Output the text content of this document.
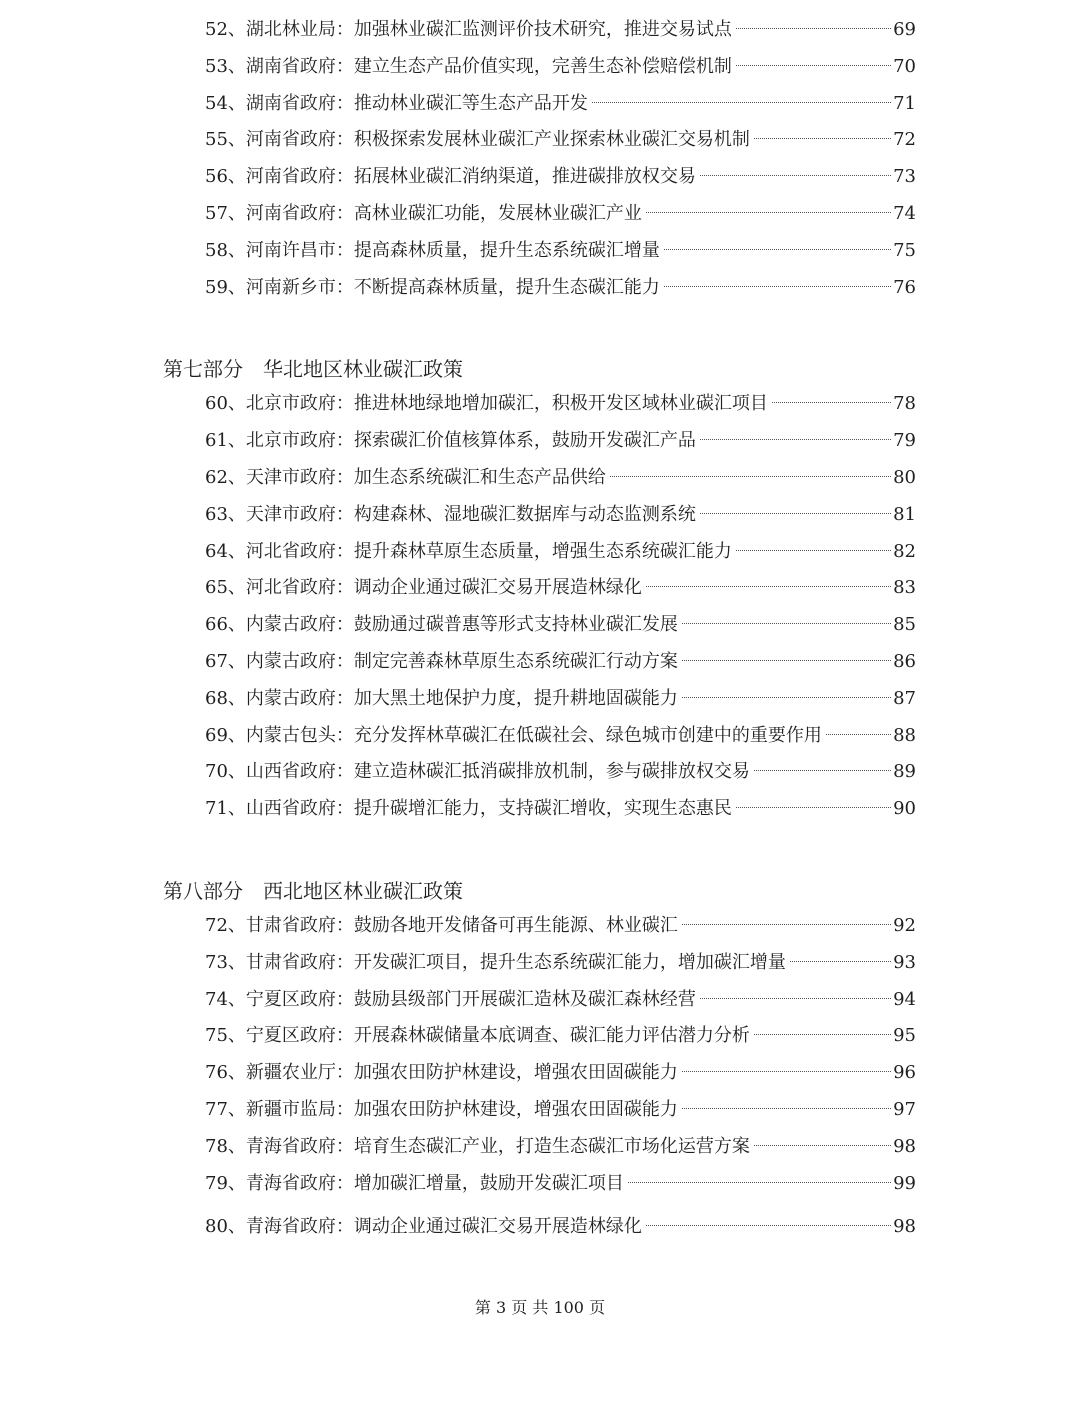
52、湖北林业局：加强林业碳汇监测评价技术研究，推进交易试点	69
53、湖南省政府：建立生态产品价值实现，完善生态补偿赔偿机制	70
54、湖南省政府：推动林业碳汇等生态产品开发	71
55、河南省政府：积极探索发展林业碳汇产业探索林业碳汇交易机制	72
56、河南省政府：拓展林业碳汇消纳渠道，推进碳排放权交易	73
57、河南省政府：高林业碳汇功能，发展林业碳汇产业	74
58、河南许昌市：提高森林质量，提升生态系统碳汇增量	75
59、河南新乡市：不断提高森林质量，提升生态碳汇能力	76
第七部分 华北地区林业碳汇政策
60、北京市政府：推进林地绿地增加碳汇，积极开发区域林业碳汇项目	78
61、北京市政府：探索碳汇价值核算体系，鼓励开发碳汇产品	79
62、天津市政府：加生态系统碳汇和生态产品供给	80
63、天津市政府：构建森林、湿地碳汇数据库与动态监测系统	81
64、河北省政府：提升森林草原生态质量，增强生态系统碳汇能力	82
65、河北省政府：调动企业通过碳汇交易开展造林绿化	83
66、内蒙古政府：鼓励通过碳普惠等形式支持林业碳汇发展	85
67、内蒙古政府：制定完善森林草原生态系统碳汇行动方案	86
68、内蒙古政府：加大黑土地保护力度，提升耕地固碳能力	87
69、内蒙古包头：充分发挥林草碳汇在低碳社会、绿色城市创建中的重要作用	88
70、山西省政府：建立造林碳汇抵消碳排放机制，参与碳排放权交易	89
71、山西省政府：提升碳增汇能力，支持碳汇增收，实现生态惠民	90
第八部分 西北地区林业碳汇政策
72、甘肃省政府：鼓励各地开发储备可再生能源、林业碳汇	92
73、甘肃省政府：开发碳汇项目，提升生态系统碳汇能力，增加碳汇增量	93
74、宁夏区政府：鼓励县级部门开展碳汇造林及碳汇森林经营	94
75、宁夏区政府：开展森林碳储量本底调查、碳汇能力评估潜力分析	95
76、新疆农业厅：加强农田防护林建设，增强农田固碳能力	96
77、新疆市监局：加强农田防护林建设，增强农田固碳能力	97
78、青海省政府：培育生态碳汇产业，打造生态碳汇市场化运营方案	98
79、青海省政府：增加碳汇增量，鼓励开发碳汇项目	99
80、青海省政府：调动企业通过碳汇交易开展造林绿化	98
第 3 页 共 100 页
